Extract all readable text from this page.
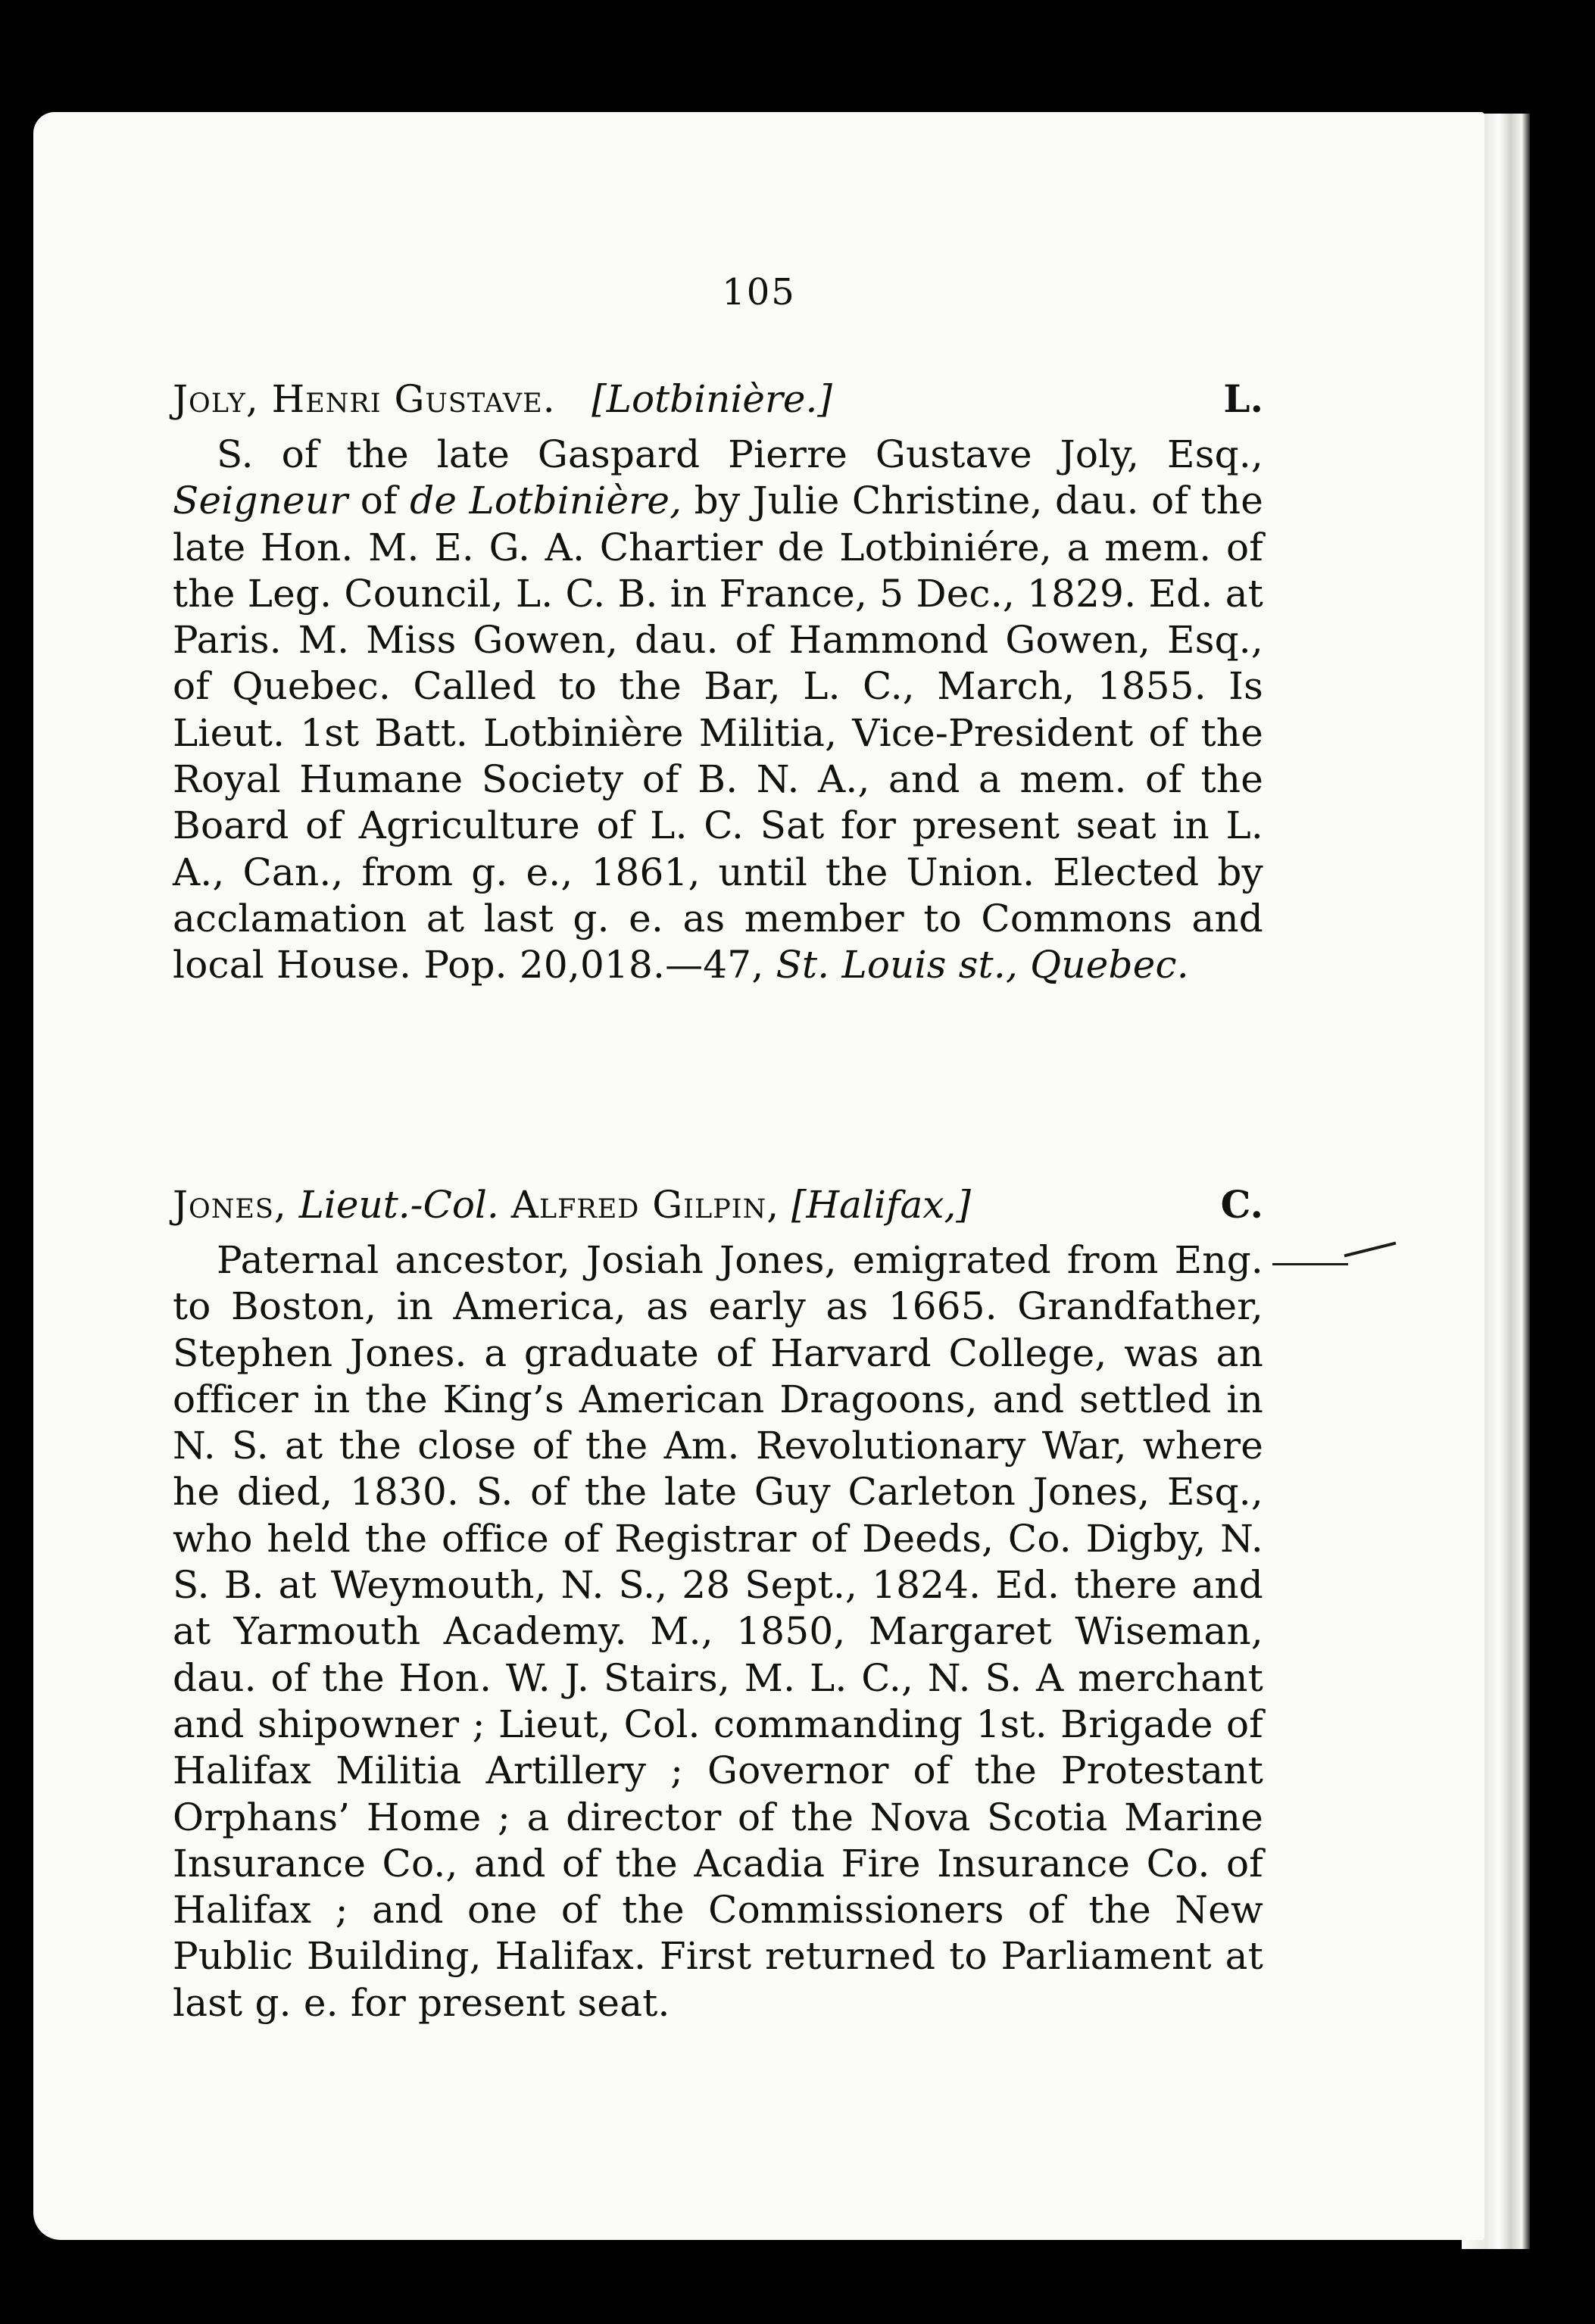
105
Joly, Henri Gustave. [Lotbinière.]	L.

S. of the late Gaspard Pierre Gustave Joly, Esq., Seigneur of de Lotbinière, by Julie Christine, dau. of the late Hon. M. E. G. A. Chartier de Lotbiniére, a mem. of the Leg. Council, L. C. B. in France, 5 Dec., 1829. Ed. at Paris. M. Miss Gowen, dau. of Hammond Gowen, Esq., of Quebec. Called to the Bar, L. C., March, 1855. Is Lieut. 1st Batt. Lotbinière Militia, Vice-President of the Royal Humane Society of B. N. A., and a mem. of the Board of Agriculture of L. C. Sat for present seat in L. A., Can., from g. e., 1861, until the Union. Elected by acclamation at last g. e. as member to Commons and local House. Pop. 20,018.—47, St. Louis st., Quebec.

Jones, Lieut.-Col. Alfred Gilpin, [Halifax,]	C.

Paternal ancestor, Josiah Jones, emigrated from Eng. to Boston, in America, as early as 1665. Grandfather, Stephen Jones. a graduate of Harvard College, was an officer in the King’s American Dragoons, and settled in N. S. at the close of the Am. Revolutionary War, where he died, 1830. S. of the late Guy Carleton Jones, Esq., who held the office of Registrar of Deeds, Co. Digby, N. S. B. at Weymouth, N. S., 28 Sept., 1824. Ed. there and at Yarmouth Academy. M., 1850, Margaret Wiseman, dau. of the Hon. W. J. Stairs, M. L. C., N. S. A merchant and shipowner ; Lieut, Col. commanding 1st. Brigade of Halifax Militia Artillery ; Governor of the Protestant Orphans’ Home ; a director of the Nova Scotia Marine Insurance Co., and of the Acadia Fire Insurance Co. of Halifax ; and one of the Commissioners of the New Public Building, Halifax. First returned to Parliament at last g. e. for present seat.
